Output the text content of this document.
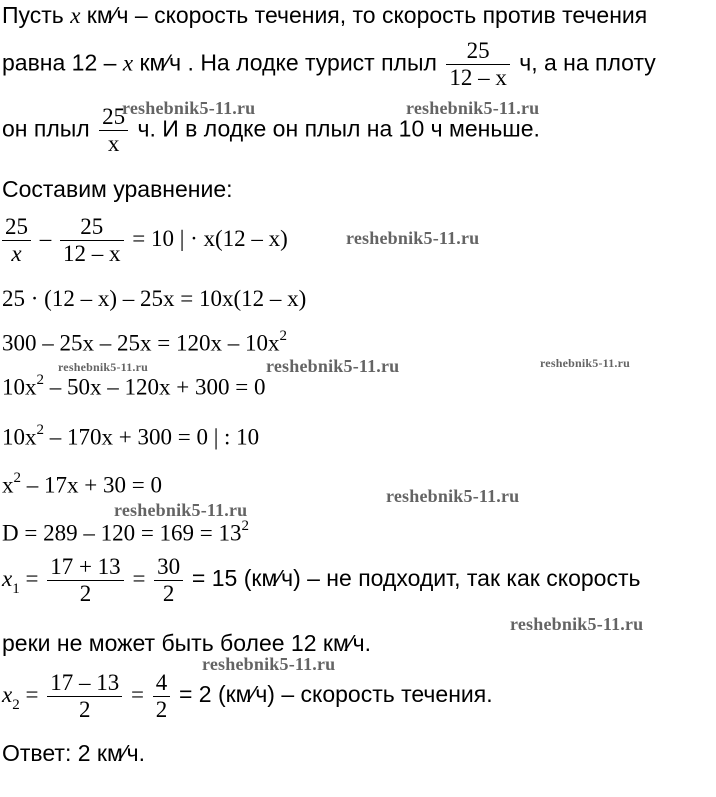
Пусть x км⁄ч – скорость течения, то скорость против течения
равна 12 – x км⁄ч . На лодке турист плыл $\frac{25}{12 - x} ч$, а на плоту
он плыл $\frac{25}{x} ч$. И в лодке он плыл на 10 ч меньше.
Составим уравнение:
$\frac{25}{x} - \frac{25}{12 - x} = 10$ | · x(12 – x)
25 · (12 – x) – 25x = 10x(12 – x)
$300 - 25x - 25x = 120x - 10x^2$
$10x^2 - 50x - 120x + 300 = 0$
$10x^2 - 170x + 300 = 0$ | : 10
$x^2 - 17x + 30 = 0$
$D = 289 - 120 = 169 = 13^2$
$x_1 = \frac{17 + 13}{2} = \frac{30}{2} = 15$ (км⁄ч) – не подходит, так как скорость
реки не может быть более 12 км⁄ч.
$x_2 = \frac{17 - 13}{2} = \frac{4}{2} = 2$ (км⁄ч) – скорость течения.
Ответ: 2 км⁄ч.
reshebnik5-11.ru	reshebnik5-11.ru
reshebnik5-11.ru
reshebnik5-11.ru	reshebnik5-11.ru	reshebnik5-11.ru
reshebnik5-11.ru
reshebnik5-11.ru
reshebnik5-11.ru
reshebnik5-11.ru
